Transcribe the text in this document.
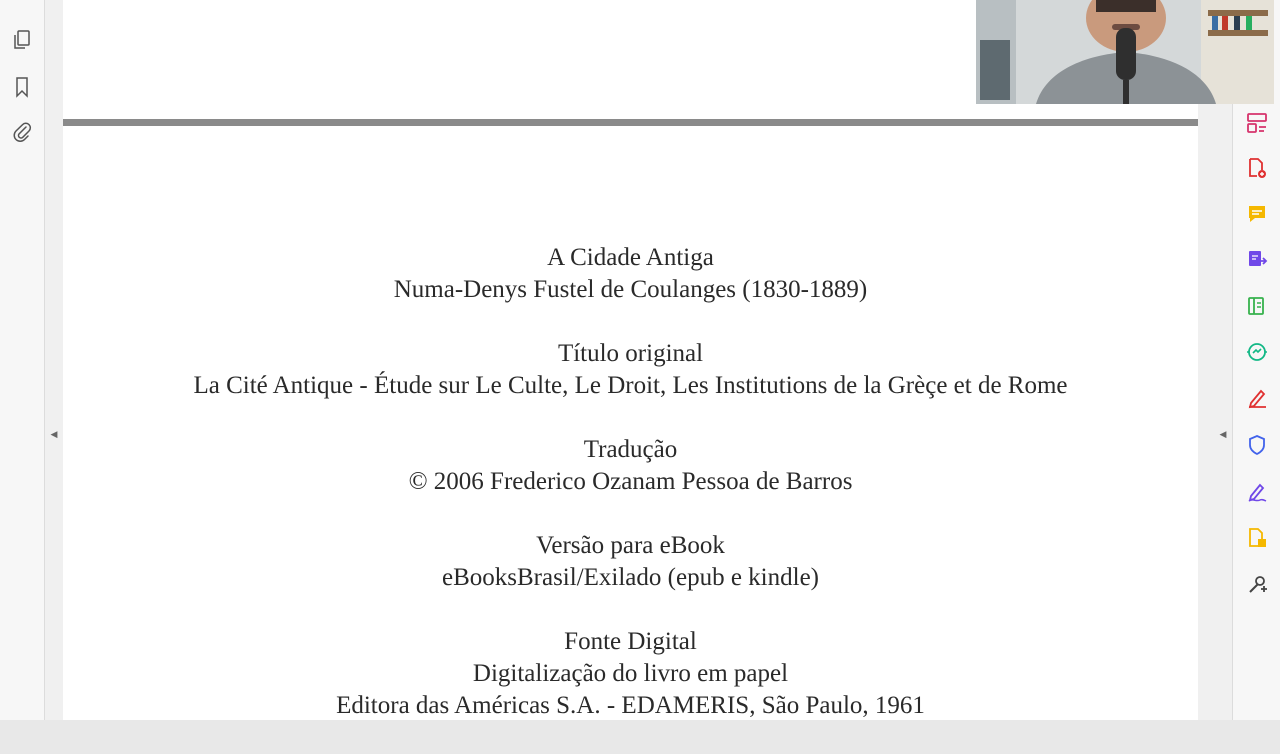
◀
A Cidade Antiga
Numa-Denys Fustel de Coulanges (1830-1889)
Título original
La Cité Antique - Étude sur Le Culte, Le Droit, Les Institutions de la Grèçe et de Rome
Tradução
© 2006 Frederico Ozanam Pessoa de Barros
Versão para eBook
eBooksBrasil/Exilado (epub e kindle)
Fonte Digital
Digitalização do livro em papel
Editora das Américas S.A. - EDAMERIS, São Paulo, 1961
◀
